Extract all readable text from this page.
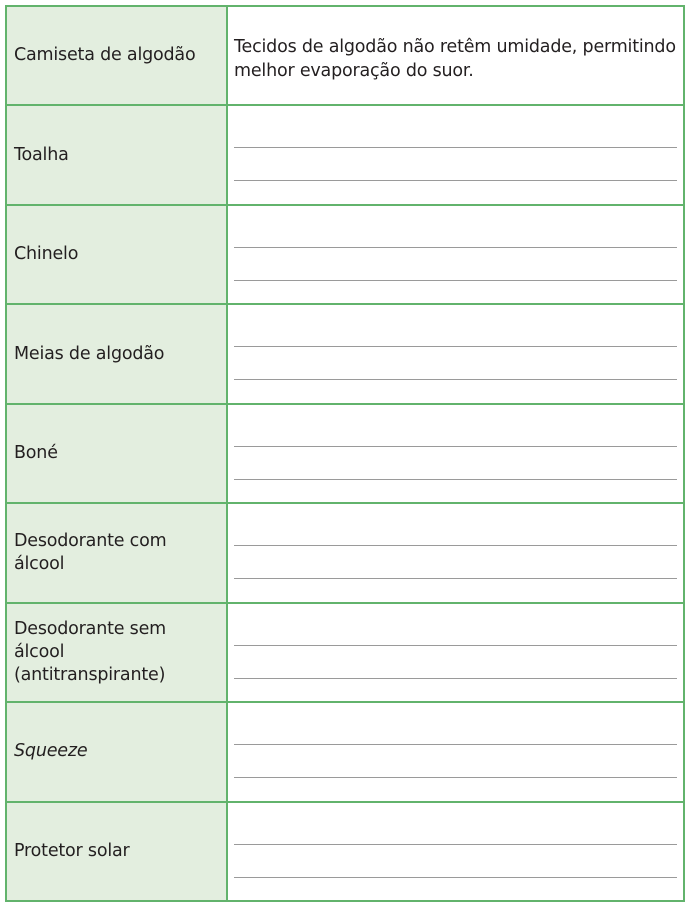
Camiseta de algodão	Tecidos de algodão não retêm umidade, permitindo melhor evaporação do suor.

Toalha	

Chinelo	

Meias de algodão	

Boné	

Desodorante com álcool	

Desodorante sem álcool (antitranspirante)	

Squeeze	

Protetor solar	
